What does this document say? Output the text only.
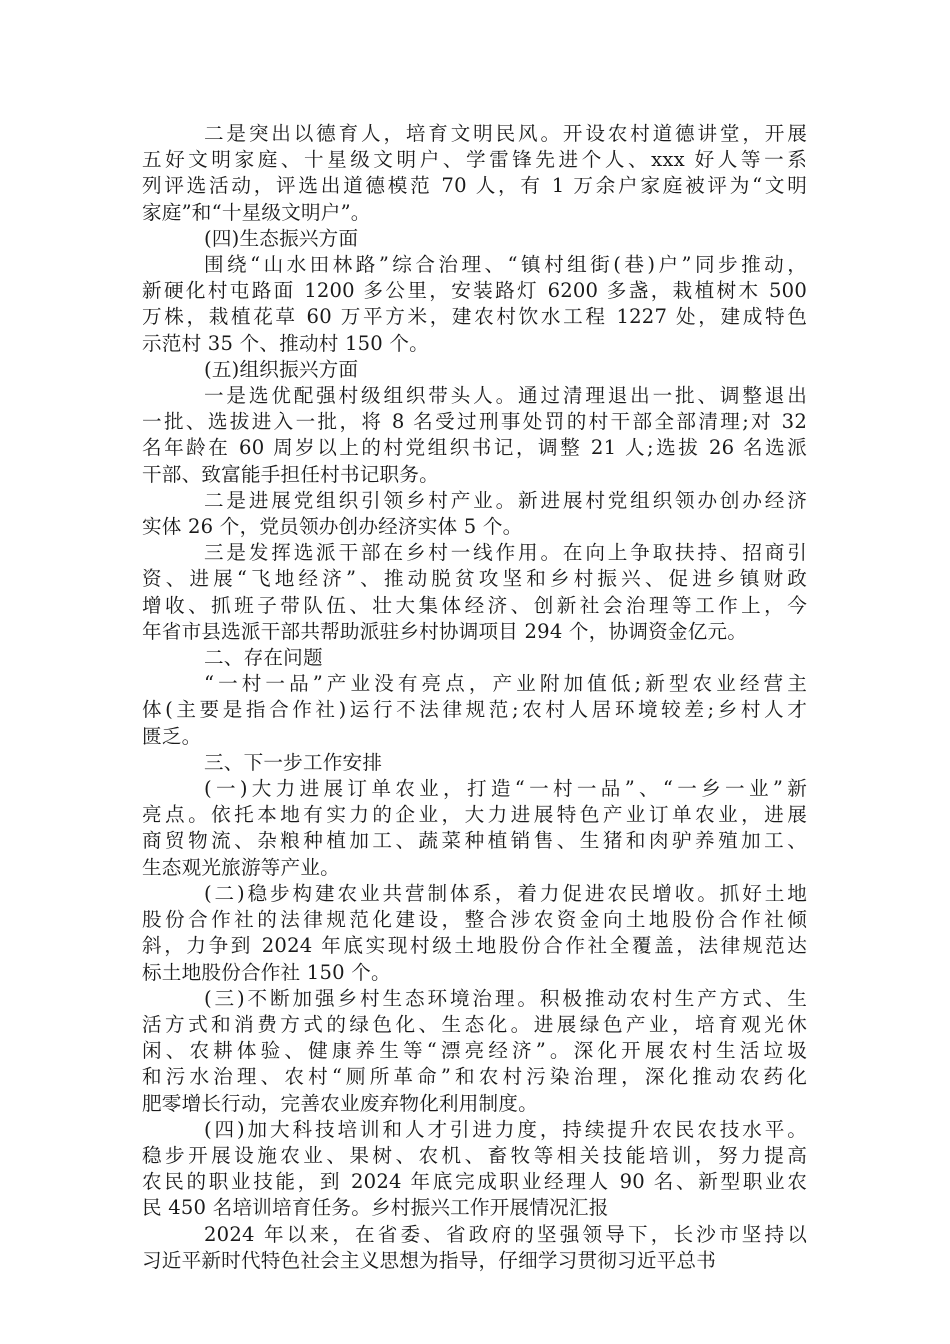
二是突出以德育人，培育文明民风。开设农村道德讲堂，开展
五好文明家庭、十星级文明户、学雷锋先进个人、xxx 好人等一系
列评选活动，评选出道德模范 70 人，有 1 万余户家庭被评为“文明
家庭”和“十星级文明户”。
(四)生态振兴方面
围绕“山水田林路”综合治理、“镇村组街(巷)户”同步推动，
新硬化村屯路面 1200 多公里，安装路灯 6200 多盏，栽植树木 500
万株，栽植花草 60 万平方米，建农村饮水工程 1227 处，建成特色
示范村 35 个、推动村 150 个。
(五)组织振兴方面
一是选优配强村级组织带头人。通过清理退出一批、调整退出
一批、选拔进入一批，将 8 名受过刑事处罚的村干部全部清理;对 32
名年龄在 60 周岁以上的村党组织书记，调整 21 人;选拔 26 名选派
干部、致富能手担任村书记职务。
二是进展党组织引领乡村产业。新进展村党组织领办创办经济
实体 26 个，党员领办创办经济实体 5 个。
三是发挥选派干部在乡村一线作用。在向上争取扶持、招商引
资、进展“飞地经济”、推动脱贫攻坚和乡村振兴、促进乡镇财政
增收、抓班子带队伍、壮大集体经济、创新社会治理等工作上，今
年省市县选派干部共帮助派驻乡村协调项目 294 个，协调资金亿元。
二、存在问题
“一村一品”产业没有亮点，产业附加值低;新型农业经营主
体(主要是指合作社)运行不法律规范;农村人居环境较差;乡村人才
匮乏。
三、下一步工作安排
(一)大力进展订单农业，打造“一村一品”、“一乡一业”新
亮点。依托本地有实力的企业，大力进展特色产业订单农业，进展
商贸物流、杂粮种植加工、蔬菜种植销售、生猪和肉驴养殖加工、
生态观光旅游等产业。
(二)稳步构建农业共营制体系，着力促进农民增收。抓好土地
股份合作社的法律规范化建设，整合涉农资金向土地股份合作社倾
斜，力争到 2024 年底实现村级土地股份合作社全覆盖，法律规范达
标土地股份合作社 150 个。
(三)不断加强乡村生态环境治理。积极推动农村生产方式、生
活方式和消费方式的绿色化、生态化。进展绿色产业，培育观光休
闲、农耕体验、健康养生等“漂亮经济”。深化开展农村生活垃圾
和污水治理、农村“厕所革命”和农村污染治理，深化推动农药化
肥零增长行动，完善农业废弃物化利用制度。
(四)加大科技培训和人才引进力度，持续提升农民农技水平。
稳步开展设施农业、果树、农机、畜牧等相关技能培训，努力提高
农民的职业技能，到 2024 年底完成职业经理人 90 名、新型职业农
民 450 名培训培育任务。乡村振兴工作开展情况汇报
2024 年以来，在省委、省政府的坚强领导下，长沙市坚持以
习近平新时代特色社会主义思想为指导，仔细学习贯彻习近平总书
